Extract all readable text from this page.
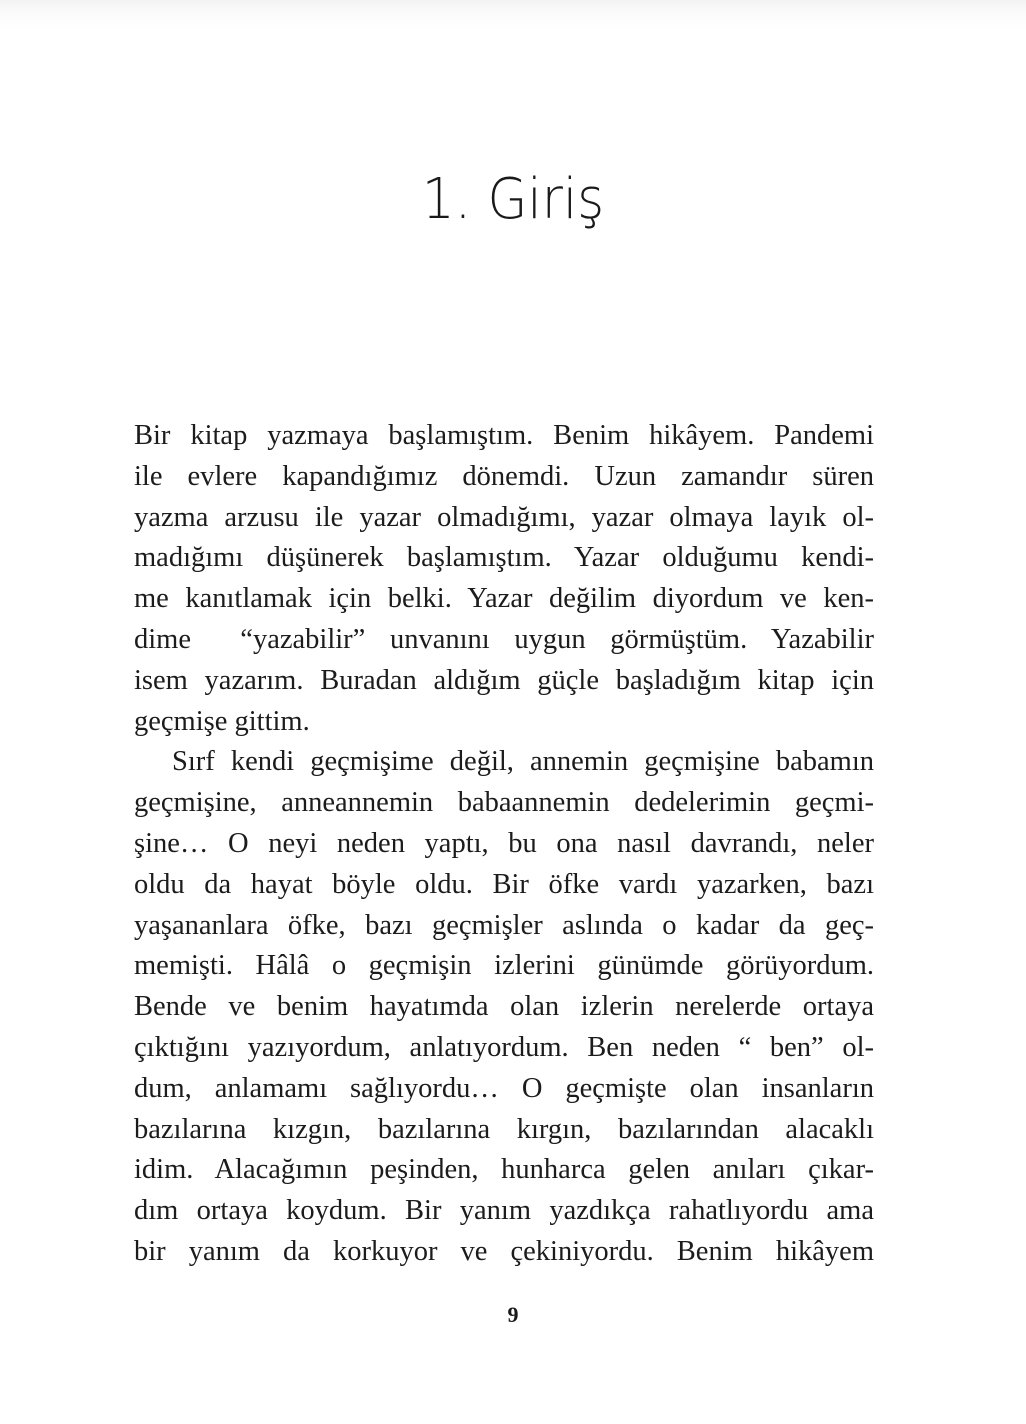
1. Giriş
Bir kitap yazmaya başlamıştım. Benim hikâyem. Pandemi
ile evlere kapandığımız dönemdi. Uzun zamandır süren
yazma arzusu ile yazar olmadığımı, yazar olmaya layık ol-
madığımı düşünerek başlamıştım. Yazar olduğumu kendi-
me kanıtlamak için belki. Yazar değilim diyordum ve ken-
dime  “yazabilir” unvanını uygun görmüştüm. Yazabilir
isem yazarım. Buradan aldığım güçle başladığım kitap için
geçmişe gittim.
Sırf kendi geçmişime değil, annemin geçmişine babamın
geçmişine, anneannemin babaannemin dedelerimin geçmi-
şine… O neyi neden yaptı, bu ona nasıl davrandı, neler
oldu da hayat böyle oldu. Bir öfke vardı yazarken, bazı
yaşananlara öfke, bazı geçmişler aslında o kadar da geç-
memişti. Hâlâ o geçmişin izlerini günümde görüyordum.
Bende ve benim hayatımda olan izlerin nerelerde ortaya
çıktığını yazıyordum, anlatıyordum. Ben neden “ ben” ol-
dum, anlamamı sağlıyordu… O geçmişte olan insanların
bazılarına kızgın, bazılarına kırgın, bazılarından alacaklı
idim. Alacağımın peşinden, hunharca gelen anıları çıkar-
dım ortaya koydum. Bir yanım yazdıkça rahatlıyordu ama
bir yanım da korkuyor ve çekiniyordu. Benim hikâyem
9
